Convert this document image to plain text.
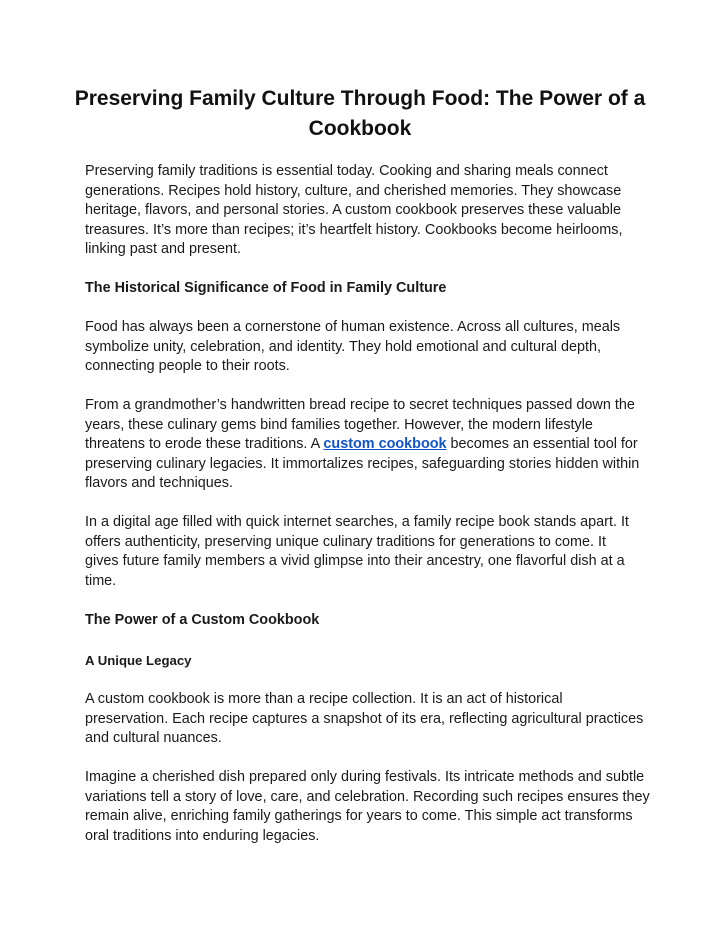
Preserving Family Culture Through Food: The Power of a
Cookbook
Preserving family traditions is essential today. Cooking and sharing meals connect
generations. Recipes hold history, culture, and cherished memories. They showcase
heritage, flavors, and personal stories. A custom cookbook preserves these valuable
treasures. It’s more than recipes; it’s heartfelt history. Cookbooks become heirlooms,
linking past and present.
The Historical Significance of Food in Family Culture
Food has always been a cornerstone of human existence. Across all cultures, meals
symbolize unity, celebration, and identity. They hold emotional and cultural depth,
connecting people to their roots.
From a grandmother’s handwritten bread recipe to secret techniques passed down the
years, these culinary gems bind families together. However, the modern lifestyle
threatens to erode these traditions. A custom cookbook becomes an essential tool for
preserving culinary legacies. It immortalizes recipes, safeguarding stories hidden within
flavors and techniques.
In a digital age filled with quick internet searches, a family recipe book stands apart. It
offers authenticity, preserving unique culinary traditions for generations to come. It
gives future family members a vivid glimpse into their ancestry, one flavorful dish at a
time.
The Power of a Custom Cookbook
A Unique Legacy
A custom cookbook is more than a recipe collection. It is an act of historical
preservation. Each recipe captures a snapshot of its era, reflecting agricultural practices
and cultural nuances.
Imagine a cherished dish prepared only during festivals. Its intricate methods and subtle
variations tell a story of love, care, and celebration. Recording such recipes ensures they
remain alive, enriching family gatherings for years to come. This simple act transforms
oral traditions into enduring legacies.
